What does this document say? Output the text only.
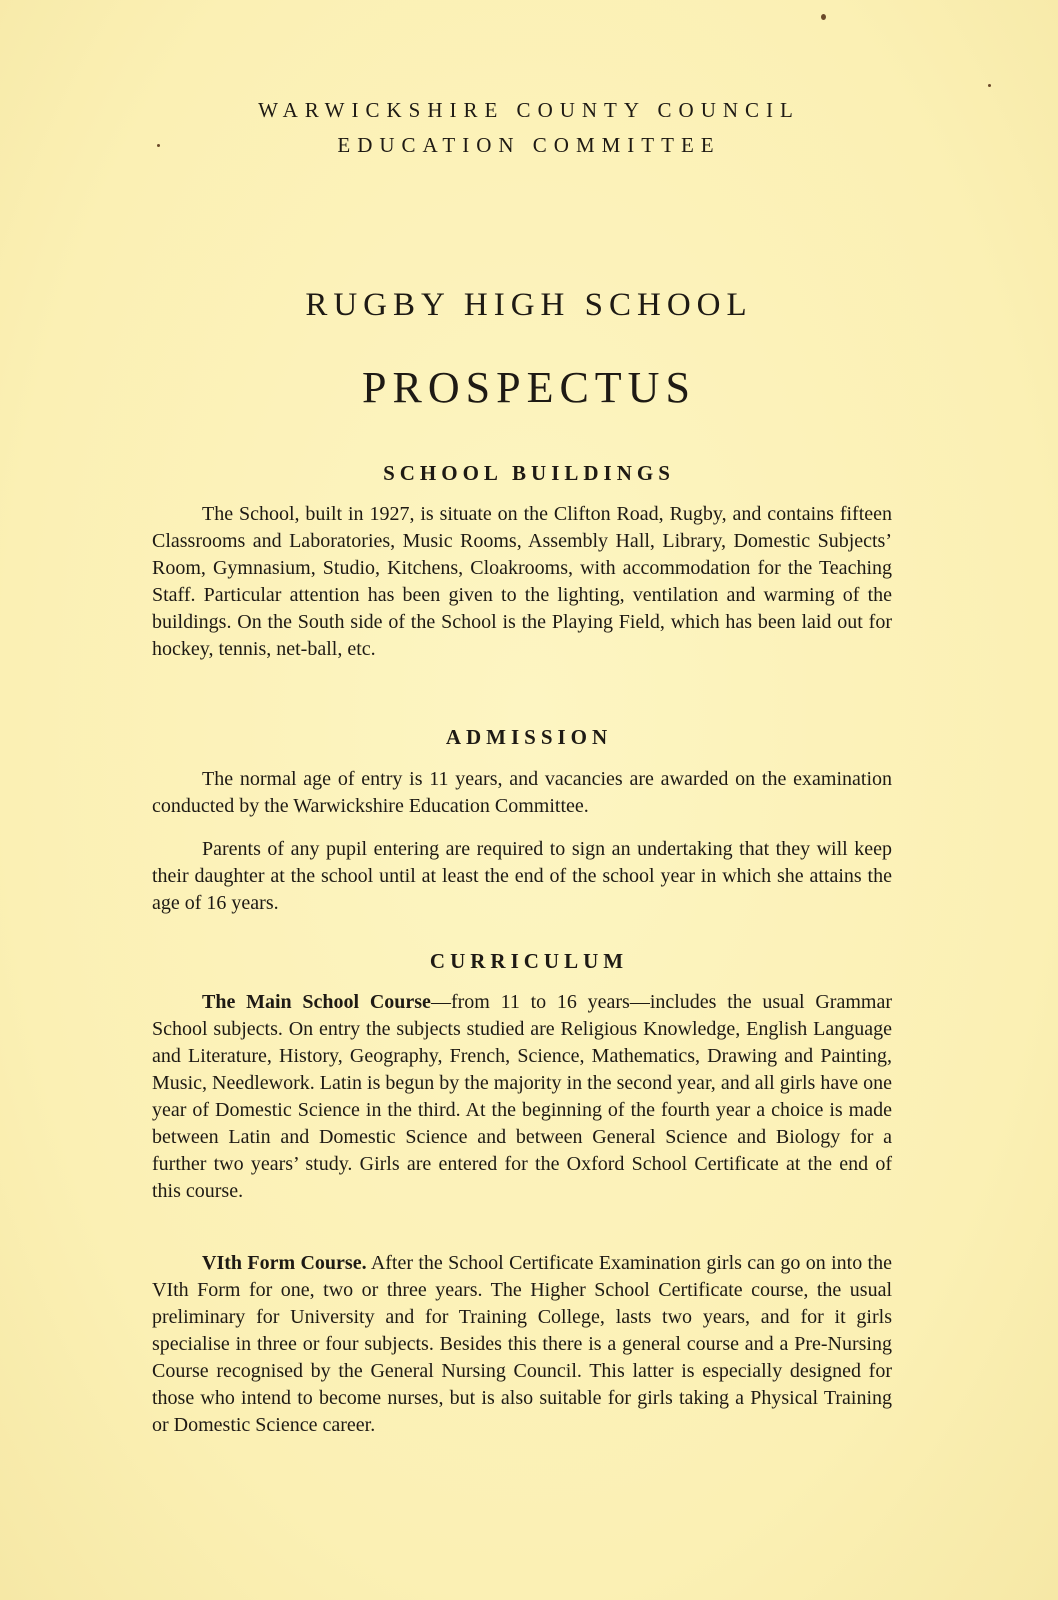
WARWICKSHIRE COUNTY COUNCIL
EDUCATION COMMITTEE
RUGBY HIGH SCHOOL
PROSPECTUS
SCHOOL BUILDINGS

The School, built in 1927, is situate on the Clifton Road, Rugby, and contains fifteen Classrooms and Laboratories, Music Rooms, Assembly Hall, Library, Domestic Subjects’ Room, Gymnasium, Studio, Kitchens, Cloakrooms, with accommodation for the Teaching Staff. Particular attention has been given to the lighting, ventilation and warming of the buildings. On the South side of the School is the Playing Field, which has been laid out for hockey, tennis, net-ball, etc.

ADMISSION

The normal age of entry is 11 years, and vacancies are awarded on the examination conducted by the Warwickshire Education Committee.

Parents of any pupil entering are required to sign an undertaking that they will keep their daughter at the school until at least the end of the school year in which she attains the age of 16 years.

CURRICULUM

The Main School Course—from 11 to 16 years—includes the usual Grammar School subjects. On entry the subjects studied are Religious Knowledge, English Language and Literature, History, Geography, French, Science, Mathematics, Drawing and Painting, Music, Needlework. Latin is begun by the majority in the second year, and all girls have one year of Domestic Science in the third. At the beginning of the fourth year a choice is made between Latin and Domestic Science and between General Science and Biology for a further two years’ study. Girls are entered for the Oxford School Certificate at the end of this course.

VIth Form Course. After the School Certificate Examination girls can go on into the VIth Form for one, two or three years. The Higher School Certificate course, the usual preliminary for University and for Training College, lasts two years, and for it girls specialise in three or four subjects. Besides this there is a general course and a Pre-Nursing Course recognised by the General Nursing Council. This latter is especially designed for those who intend to become nurses, but is also suitable for girls taking a Physical Training or Domestic Science career.
